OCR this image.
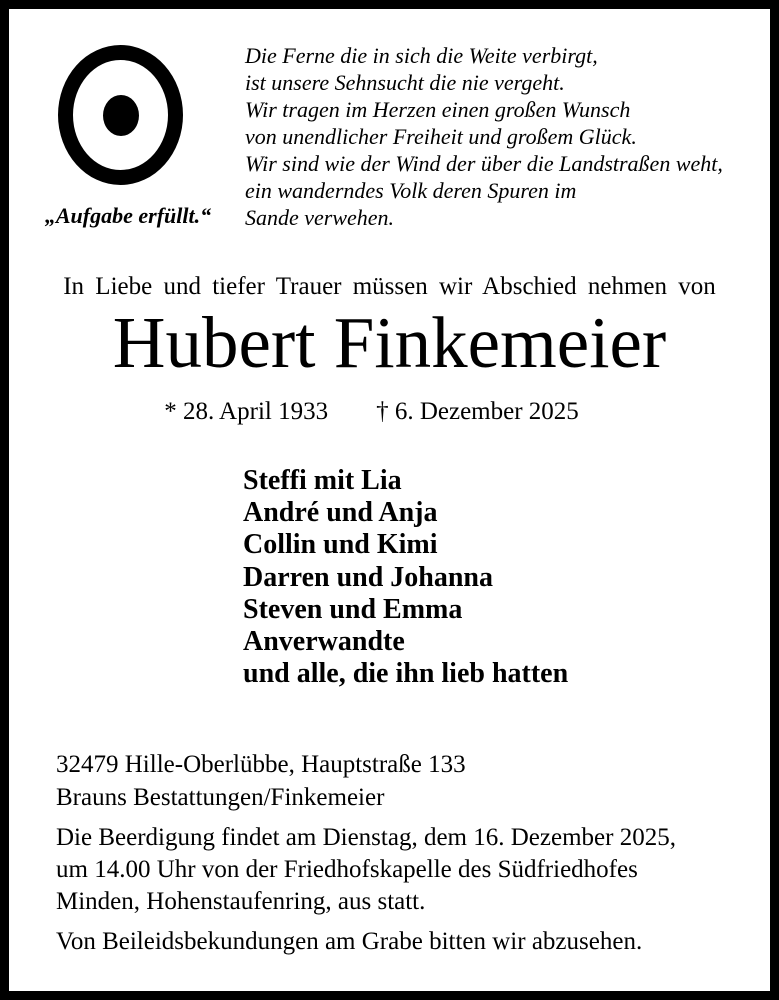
„Aufgabe erfüllt.“
Die Ferne die in sich die Weite verbirgt,
ist unsere Sehnsucht die nie vergeht.
Wir tragen im Herzen einen großen Wunsch
von unendlicher Freiheit und großem Glück.
Wir sind wie der Wind der über die Landstraßen weht,
ein wanderndes Volk deren Spuren im
Sande verwehen.
In Liebe und tiefer Trauer müssen wir Abschied nehmen von
Hubert Finkemeier
* 28. April 1933 † 6. Dezember 2025
Steffi mit Lia
André und Anja
Collin und Kimi
Darren und Johanna
Steven und Emma
Anverwandte
und alle, die ihn lieb hatten
32479 Hille-Oberlübbe, Hauptstraße 133
Brauns Bestattungen/Finkemeier
Die Beerdigung findet am Dienstag, dem 16. Dezember 2025,
um 14.00 Uhr von der Friedhofskapelle des Südfriedhofes
Minden, Hohenstaufenring, aus statt.
Von Beileidsbekundungen am Grabe bitten wir abzusehen.
